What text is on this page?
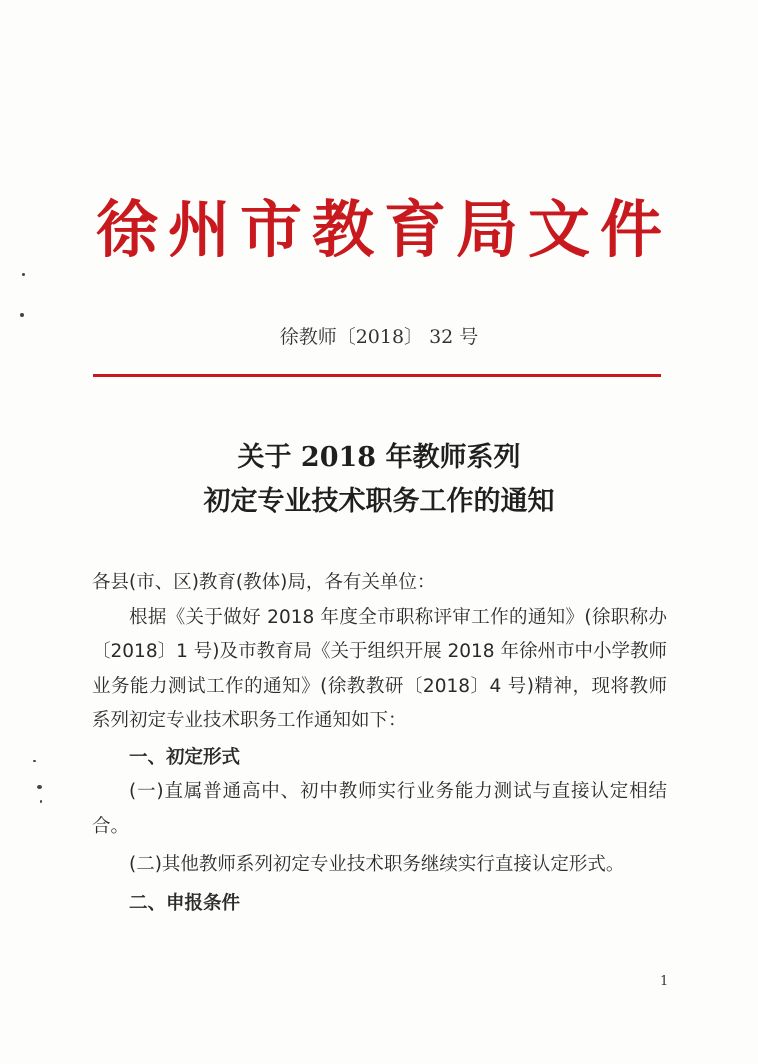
徐州市教育局文件
徐教师〔2018〕 32 号
关于 2018 年教师系列
初定专业技术职务工作的通知

各县(市、区)教育(教体)局，各有关单位：

根据《关于做好 2018 年度全市职称评审工作的通知》(徐职称办〔2018〕1 号)及市教育局《关于组织开展 2018 年徐州市中小学教师业务能力测试工作的通知》(徐教教研〔2018〕4 号)精神，现将教师系列初定专业技术职务工作通知如下：

一、初定形式

(一)直属普通高中、初中教师实行业务能力测试与直接认定相结合。

(二)其他教师系列初定专业技术职务继续实行直接认定形式。

二、申报条件

1
